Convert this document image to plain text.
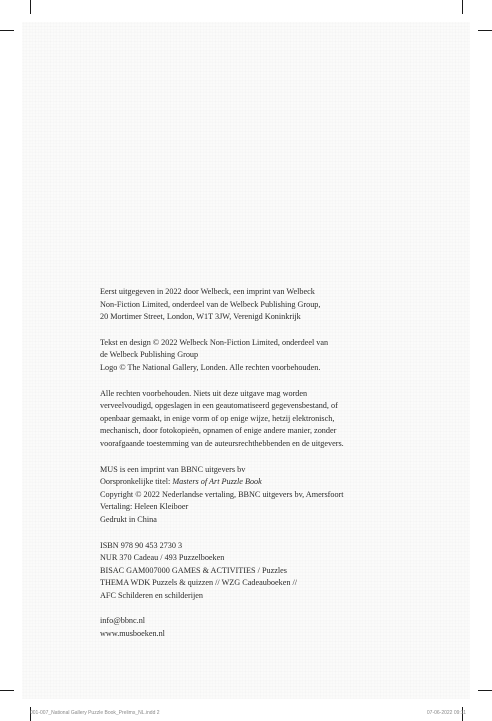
Eerst uitgegeven in 2022 door Welbeck, een imprint van Welbeck
Non-Fiction Limited, onderdeel van de Welbeck Publishing Group,
20 Mortimer Street, London, W1T 3JW, Verenigd Koninkrijk
Tekst en design © 2022 Welbeck Non-Fiction Limited, onderdeel van
de Welbeck Publishing Group
Logo © The National Gallery, Londen. Alle rechten voorbehouden.
Alle rechten voorbehouden. Niets uit deze uitgave mag worden
verveelvoudigd, opgeslagen in een geautomatiseerd gegevensbestand, of
openbaar gemaakt, in enige vorm of op enige wijze, hetzij elektronisch,
mechanisch, door fotokopieën, opnamen of enige andere manier, zonder
voorafgaande toestemming van de auteursrechthebbenden en de uitgevers.
MUS is een imprint van BBNC uitgevers bv
Oorspronkelijke titel: Masters of Art Puzzle Book
Copyright © 2022 Nederlandse vertaling, BBNC uitgevers bv, Amersfoort
Vertaling: Heleen Kleiboer
Gedrukt in China
ISBN 978 90 453 2730 3
NUR 370 Cadeau / 493 Puzzelboeken
BISAC GAM007000 GAMES & ACTIVITIES / Puzzles
THEMA WDK Puzzels & quizzen // WZG Cadeauboeken //
AFC Schilderen en schilderijen
info@bbnc.nl
www.musboeken.nl
001-007_National Gallery Puzzle Book_Prelims_NL.indd 2	07-06-2022 09:11
